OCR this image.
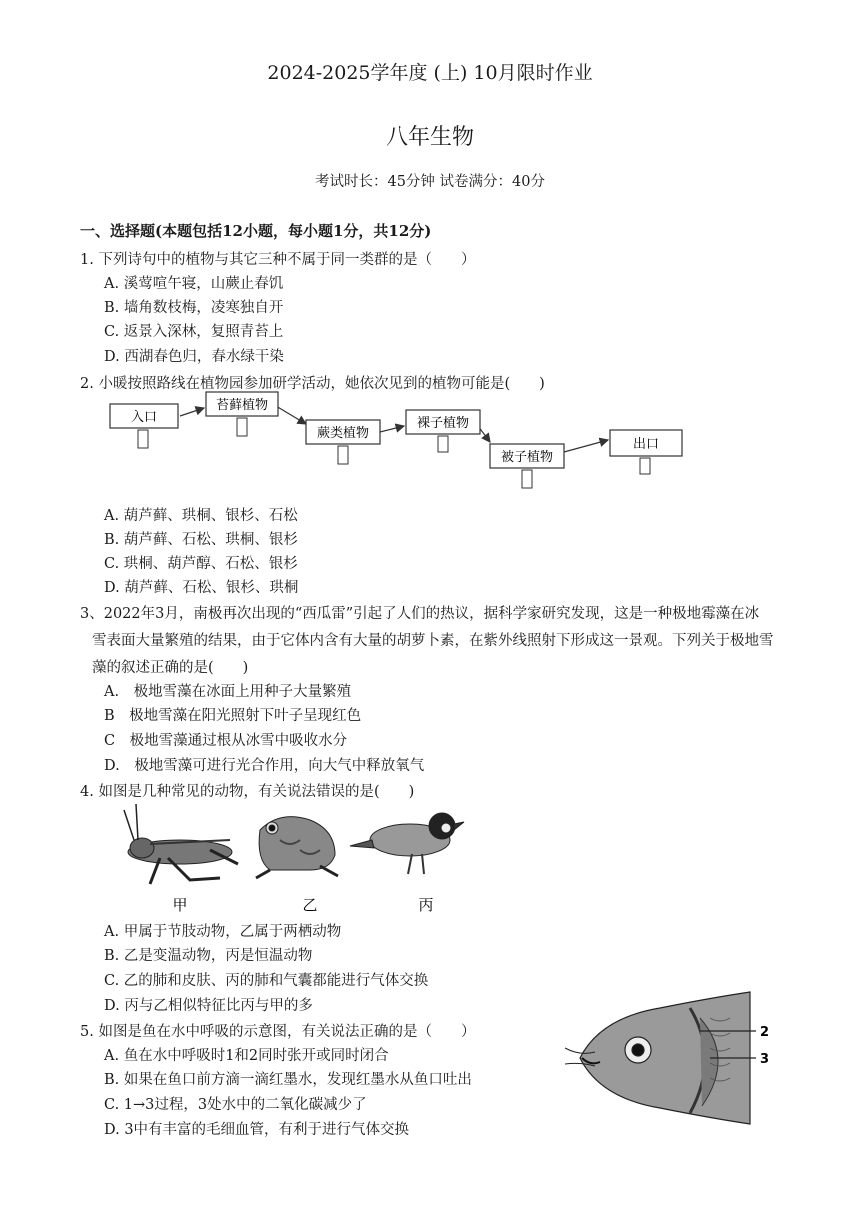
2024-2025学年度 (上) 10月限时作业
八年生物
考试时长：45分钟 试卷满分：40分
一、选择题(本题包括12小题，每小题1分，共12分)
1. 下列诗句中的植物与其它三种不属于同一类群的是（　　）
A. 溪莺喧午寝，山蕨止春饥
B. 墙角数枝梅，凌寒独自开
C. 返景入深林，复照青苔上
D. 西湖春色归，春水绿干染
2. 小暖按照路线在植物园参加研学活动，她依次见到的植物可能是(　　)
入口
苔藓植物
蕨类植物
裸子植物
被子植物
出口
A. 葫芦藓、珙桐、银杉、石松
B. 葫芦藓、石松、珙桐、银杉
C. 珙桐、葫芦醇、石松、银杉
D. 葫芦藓、石松、银杉、珙桐
3、2022年3月，南极再次出现的“西瓜雷”引起了人们的热议，据科学家研究发现，这是一种极地霉藻在冰
雪表面大量繁殖的结果，由于它体内含有大量的胡萝卜素，在紫外线照射下形成这一景观。下列关于极地雪
藻的叙述正确的是(　　)
A.　极地雪藻在冰面上用种子大量繁殖
B　极地雪藻在阳光照射下叶子呈现红色
C　极地雪藻通过根从冰雪中吸收水分
D.　极地雪藻可进行光合作用，向大气中释放氧气
4. 如图是几种常见的动物，有关说法错误的是(　　)
甲	乙	丙
A. 甲属于节肢动物，乙属于两栖动物
B. 乙是变温动物，丙是恒温动物
C. 乙的肺和皮肤、丙的肺和气囊都能进行气体交换
D. 丙与乙相似特征比丙与甲的多
5. 如图是鱼在水中呼吸的示意图，有关说法正确的是（　　）
A. 鱼在水中呼吸时1和2同时张开或同时闭合
B. 如果在鱼口前方滴一滴红墨水，发现红墨水从鱼口吐出
C. 1→3过程，3处水中的二氧化碳减少了
D. 3中有丰富的毛细血管，有利于进行气体交换
2
3
